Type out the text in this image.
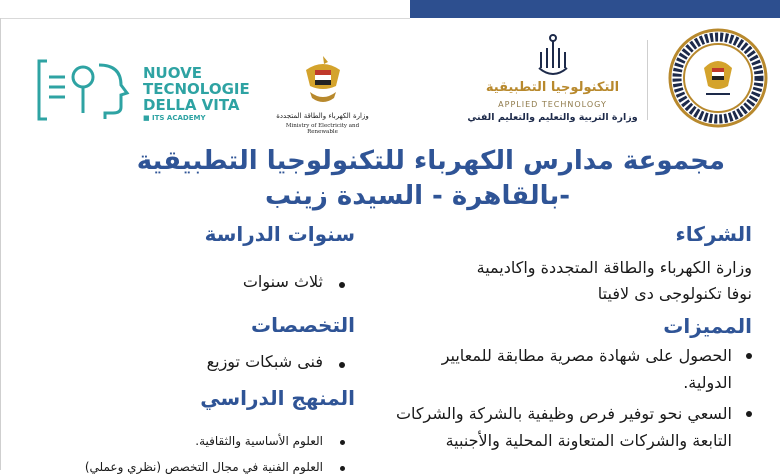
NUOVE
TECNOLOGIE
DELLA VITA
■ ITS ACADEMY	وزارة الكهرباء والطاقة المتجددة
Ministry of Electricity and Renewable
التكنولوجيا التطبيقية
APPLIED TECHNOLOGY
وزارة التربية والتعليم والتعليم الفني
مجموعة مدارس الكهرباء للتكنولوجيا التطبيقية
-بالقاهرة - السيدة زينب
الشركاء
وزارة الكهرباء والطاقة المتجددة واكاديمية
نوفا تكنولوجى دى لافيتا
المميزات
الحصول على شهادة مصرية مطابقة للمعايير الدولية.
السعي نحو توفير فرص وظيفية بالشركة والشركات التابعة والشركات المتعاونة المحلية والأجنبية
سنوات الدراسة
ثلاث سنوات
التخصصات
فنى شبكات توزيع
المنهج الدراسي
العلوم الأساسية والثقافية.
العلوم الفنية في مجال التخصص (نظري وعملي)
